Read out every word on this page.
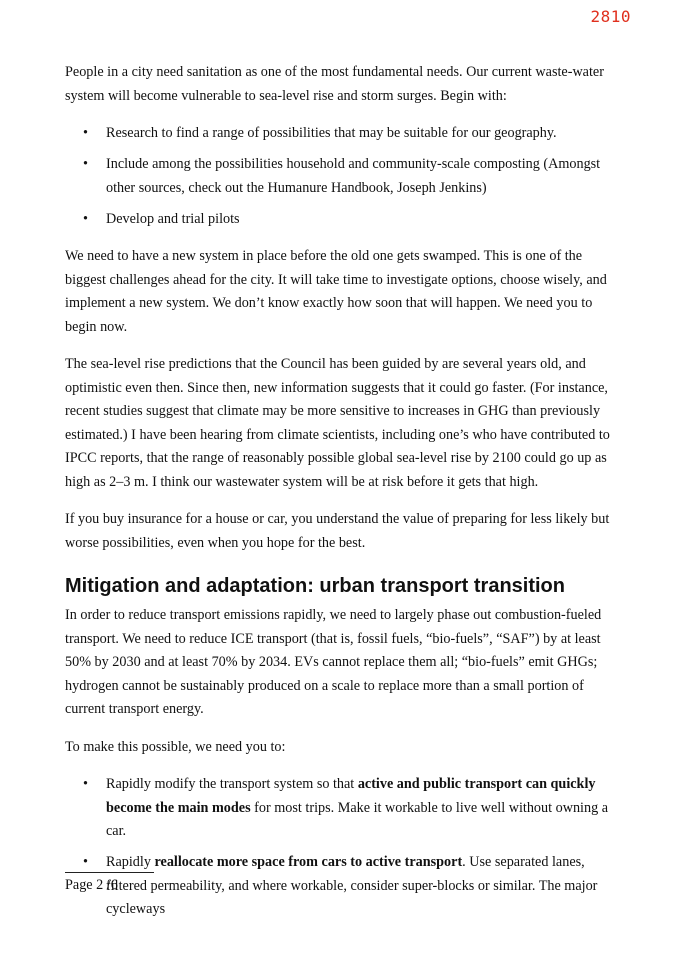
2810

People in a city need sanitation as one of the most fundamental needs. Our current waste-water system will become vulnerable to sea-level rise and storm surges. Begin with:

• Research to find a range of possibilities that may be suitable for our geography.
• Include among the possibilities household and community-scale composting (Amongst other sources, check out the Humanure Handbook, Joseph Jenkins)
• Develop and trial pilots

We need to have a new system in place before the old one gets swamped. This is one of the biggest challenges ahead for the city. It will take time to investigate options, choose wisely, and implement a new system. We don’t know exactly how soon that will happen. We need you to begin now.

The sea-level rise predictions that the Council has been guided by are several years old, and optimistic even then. Since then, new information suggests that it could go faster. (For instance, recent studies suggest that climate may be more sensitive to increases in GHG than previously estimated.) I have been hearing from climate scientists, including one’s who have contributed to IPCC reports, that the range of reasonably possible global sea-level rise by 2100 could go up as high as 2–3 m. I think our wastewater system will be at risk before it gets that high.

If you buy insurance for a house or car, you understand the value of preparing for less likely but worse possibilities, even when you hope for the best.

Mitigation and adaptation: urban transport transition

In order to reduce transport emissions rapidly, we need to largely phase out combustion-fueled transport. We need to reduce ICE transport (that is, fossil fuels, “bio-fuels”, “SAF”) by at least 50% by 2030 and at least 70% by 2034. EVs cannot replace them all; “bio-fuels” emit GHGs; hydrogen cannot be sustainably produced on a scale to replace more than a small portion of current transport energy.

To make this possible, we need you to:

• Rapidly modify the transport system so that active and public transport can quickly become the main modes for most trips. Make it workable to live well without owning a car.
• Rapidly reallocate more space from cars to active transport. Use separated lanes, filtered permeability, and where workable, consider super-blocks or similar. The major cycleways
Page 2 /6
